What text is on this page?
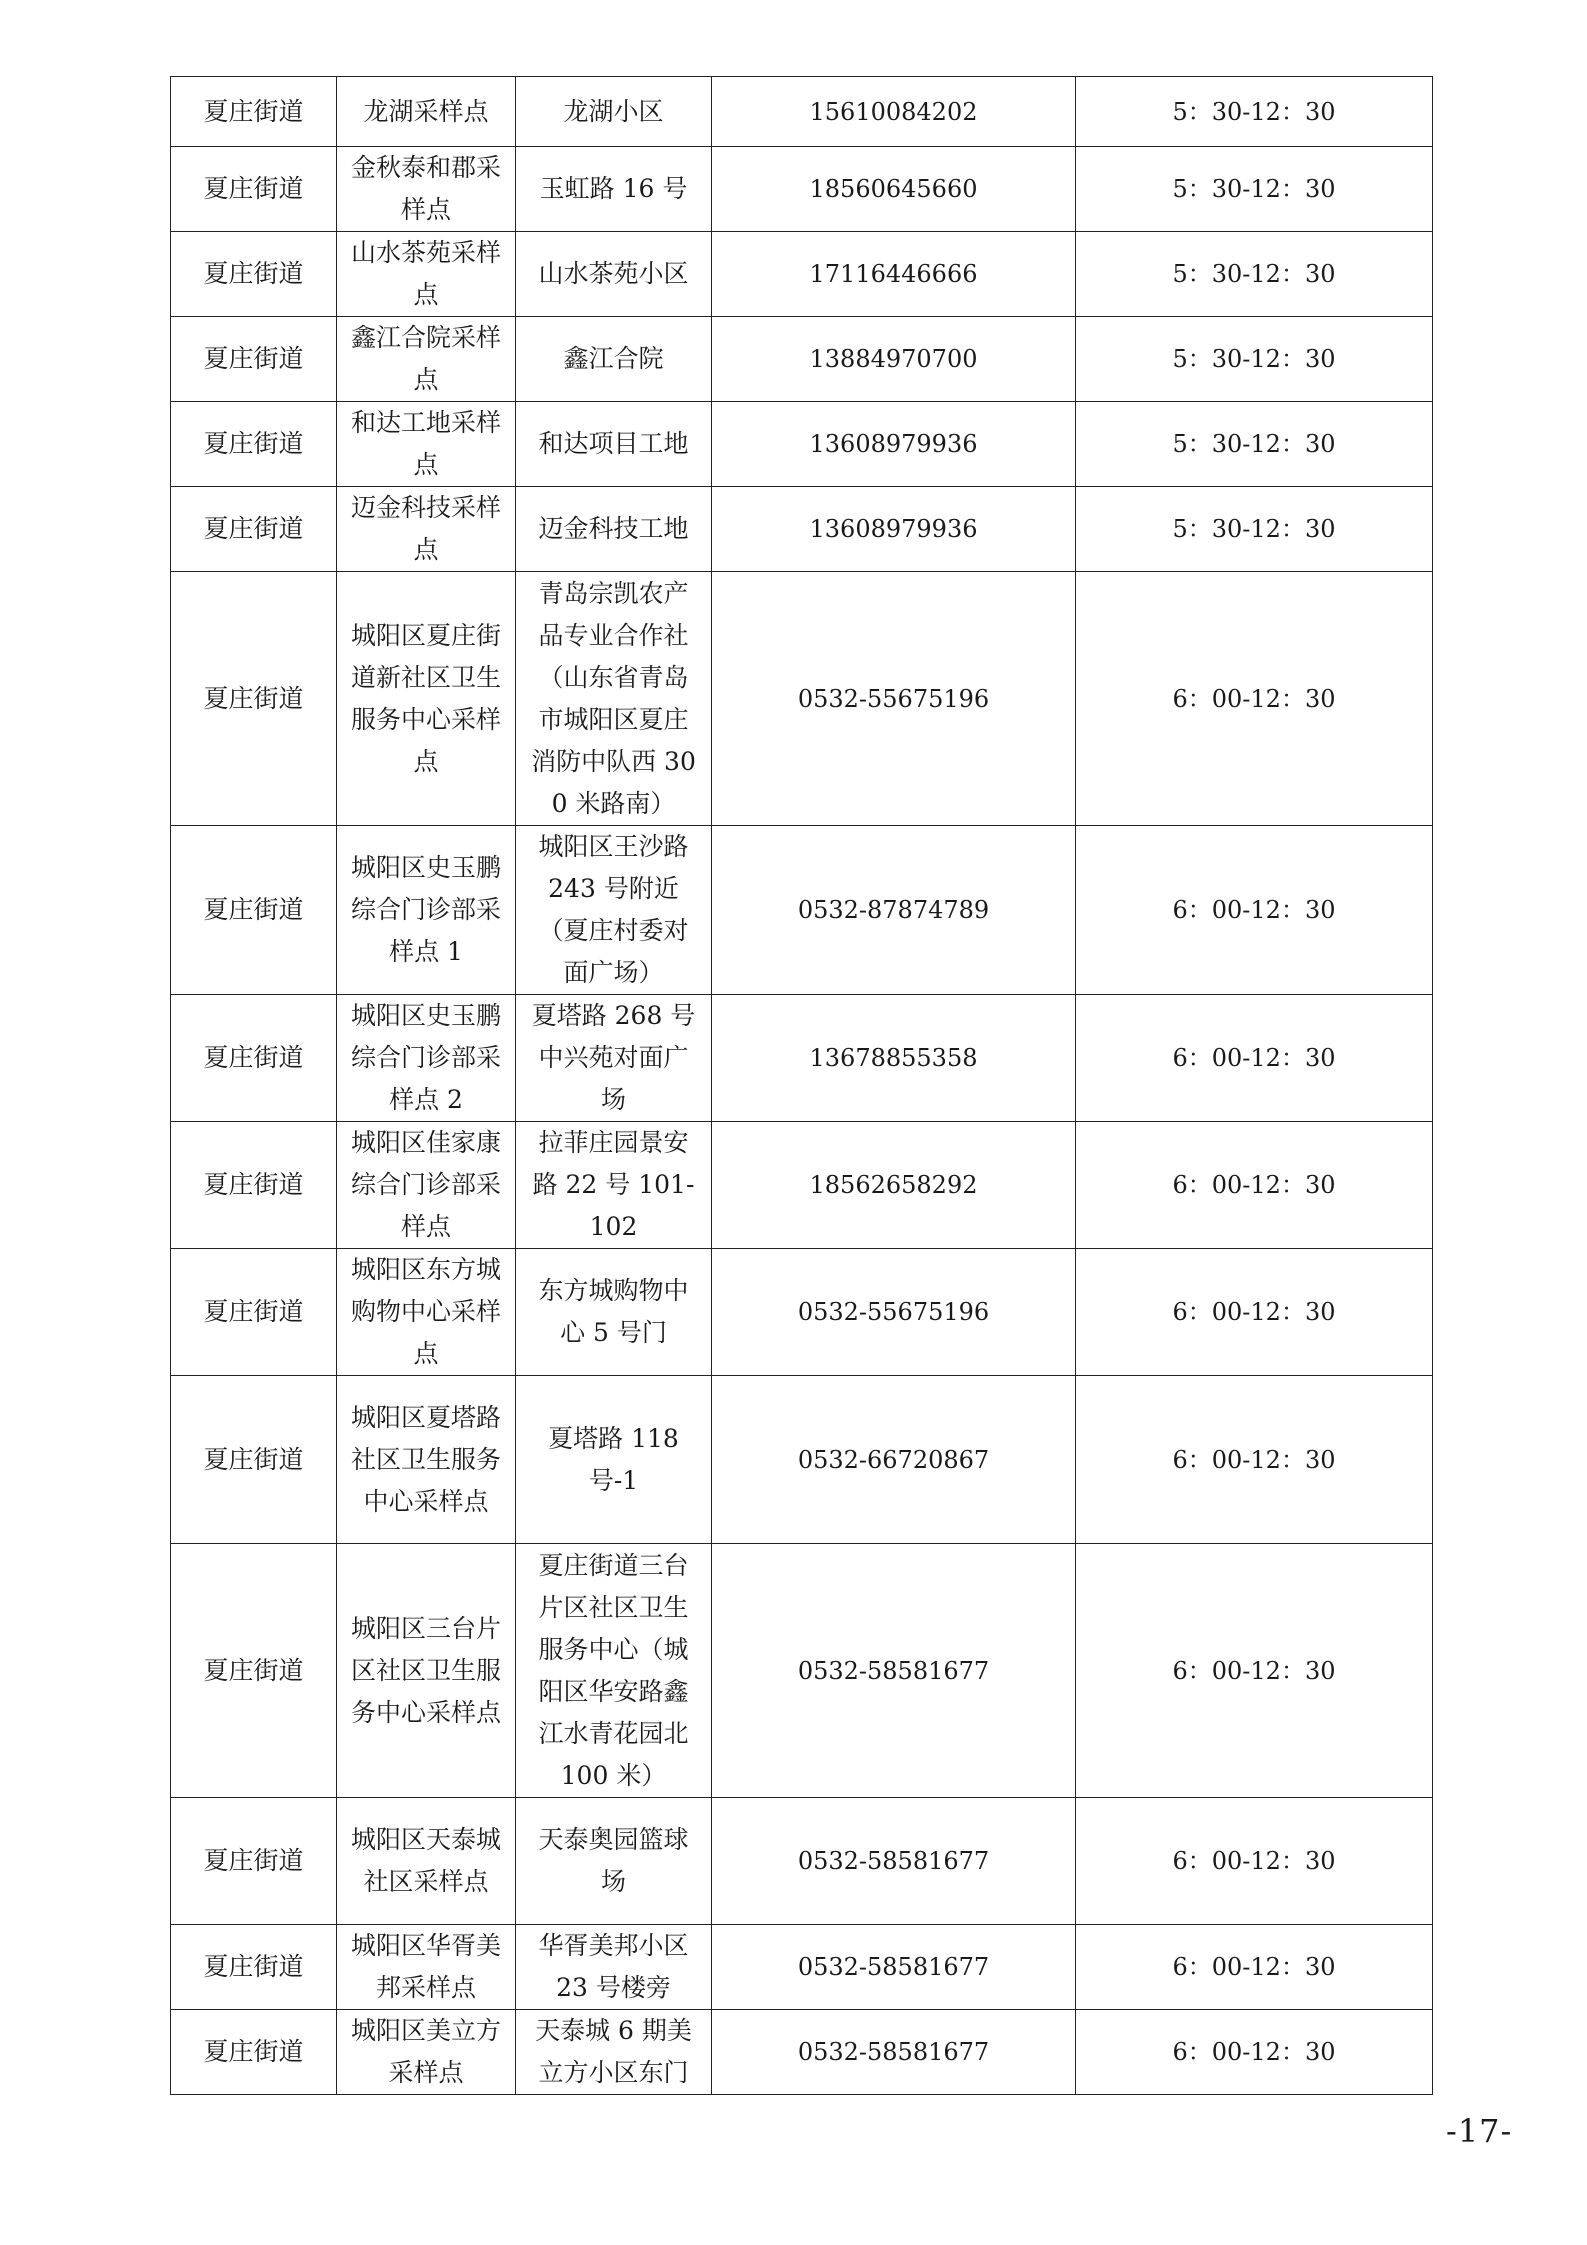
夏庄街道	龙湖采样点	龙湖小区	15610084202	5：30-12：30
夏庄街道	金秋泰和郡采样点	玉虹路 16 号	18560645660	5：30-12：30
夏庄街道	山水茶苑采样点	山水茶苑小区	17116446666	5：30-12：30
夏庄街道	鑫江合院采样点	鑫江合院	13884970700	5：30-12：30
夏庄街道	和达工地采样点	和达项目工地	13608979936	5：30-12：30
夏庄街道	迈金科技采样点	迈金科技工地	13608979936	5：30-12：30
夏庄街道	城阳区夏庄街道新社区卫生服务中心采样点	青岛宗凯农产品专业合作社（山东省青岛市城阳区夏庄消防中队西 300 米路南）	0532-55675196	6：00-12：30
夏庄街道	城阳区史玉鹏综合门诊部采样点 1	城阳区王沙路 243 号附近（夏庄村委对面广场）	0532-87874789	6：00-12：30
夏庄街道	城阳区史玉鹏综合门诊部采样点 2	夏塔路 268 号中兴苑对面广场	13678855358	6：00-12：30
夏庄街道	城阳区佳家康综合门诊部采样点	拉菲庄园景安路 22 号 101-102	18562658292	6：00-12：30
夏庄街道	城阳区东方城购物中心采样点	东方城购物中心 5 号门	0532-55675196	6：00-12：30
夏庄街道	城阳区夏塔路社区卫生服务中心采样点	夏塔路 118 号-1	0532-66720867	6：00-12：30
夏庄街道	城阳区三台片区社区卫生服务中心采样点	夏庄街道三台片区社区卫生服务中心（城阳区华安路鑫江水青花园北 100 米）	0532-58581677	6：00-12：30
夏庄街道	城阳区天泰城社区采样点	天泰奥园篮球场	0532-58581677	6：00-12：30
夏庄街道	城阳区华胥美邦采样点	华胥美邦小区 23 号楼旁	0532-58581677	6：00-12：30
夏庄街道	城阳区美立方采样点	天泰城 6 期美立方小区东门	0532-58581677	6：00-12：30
-17-
